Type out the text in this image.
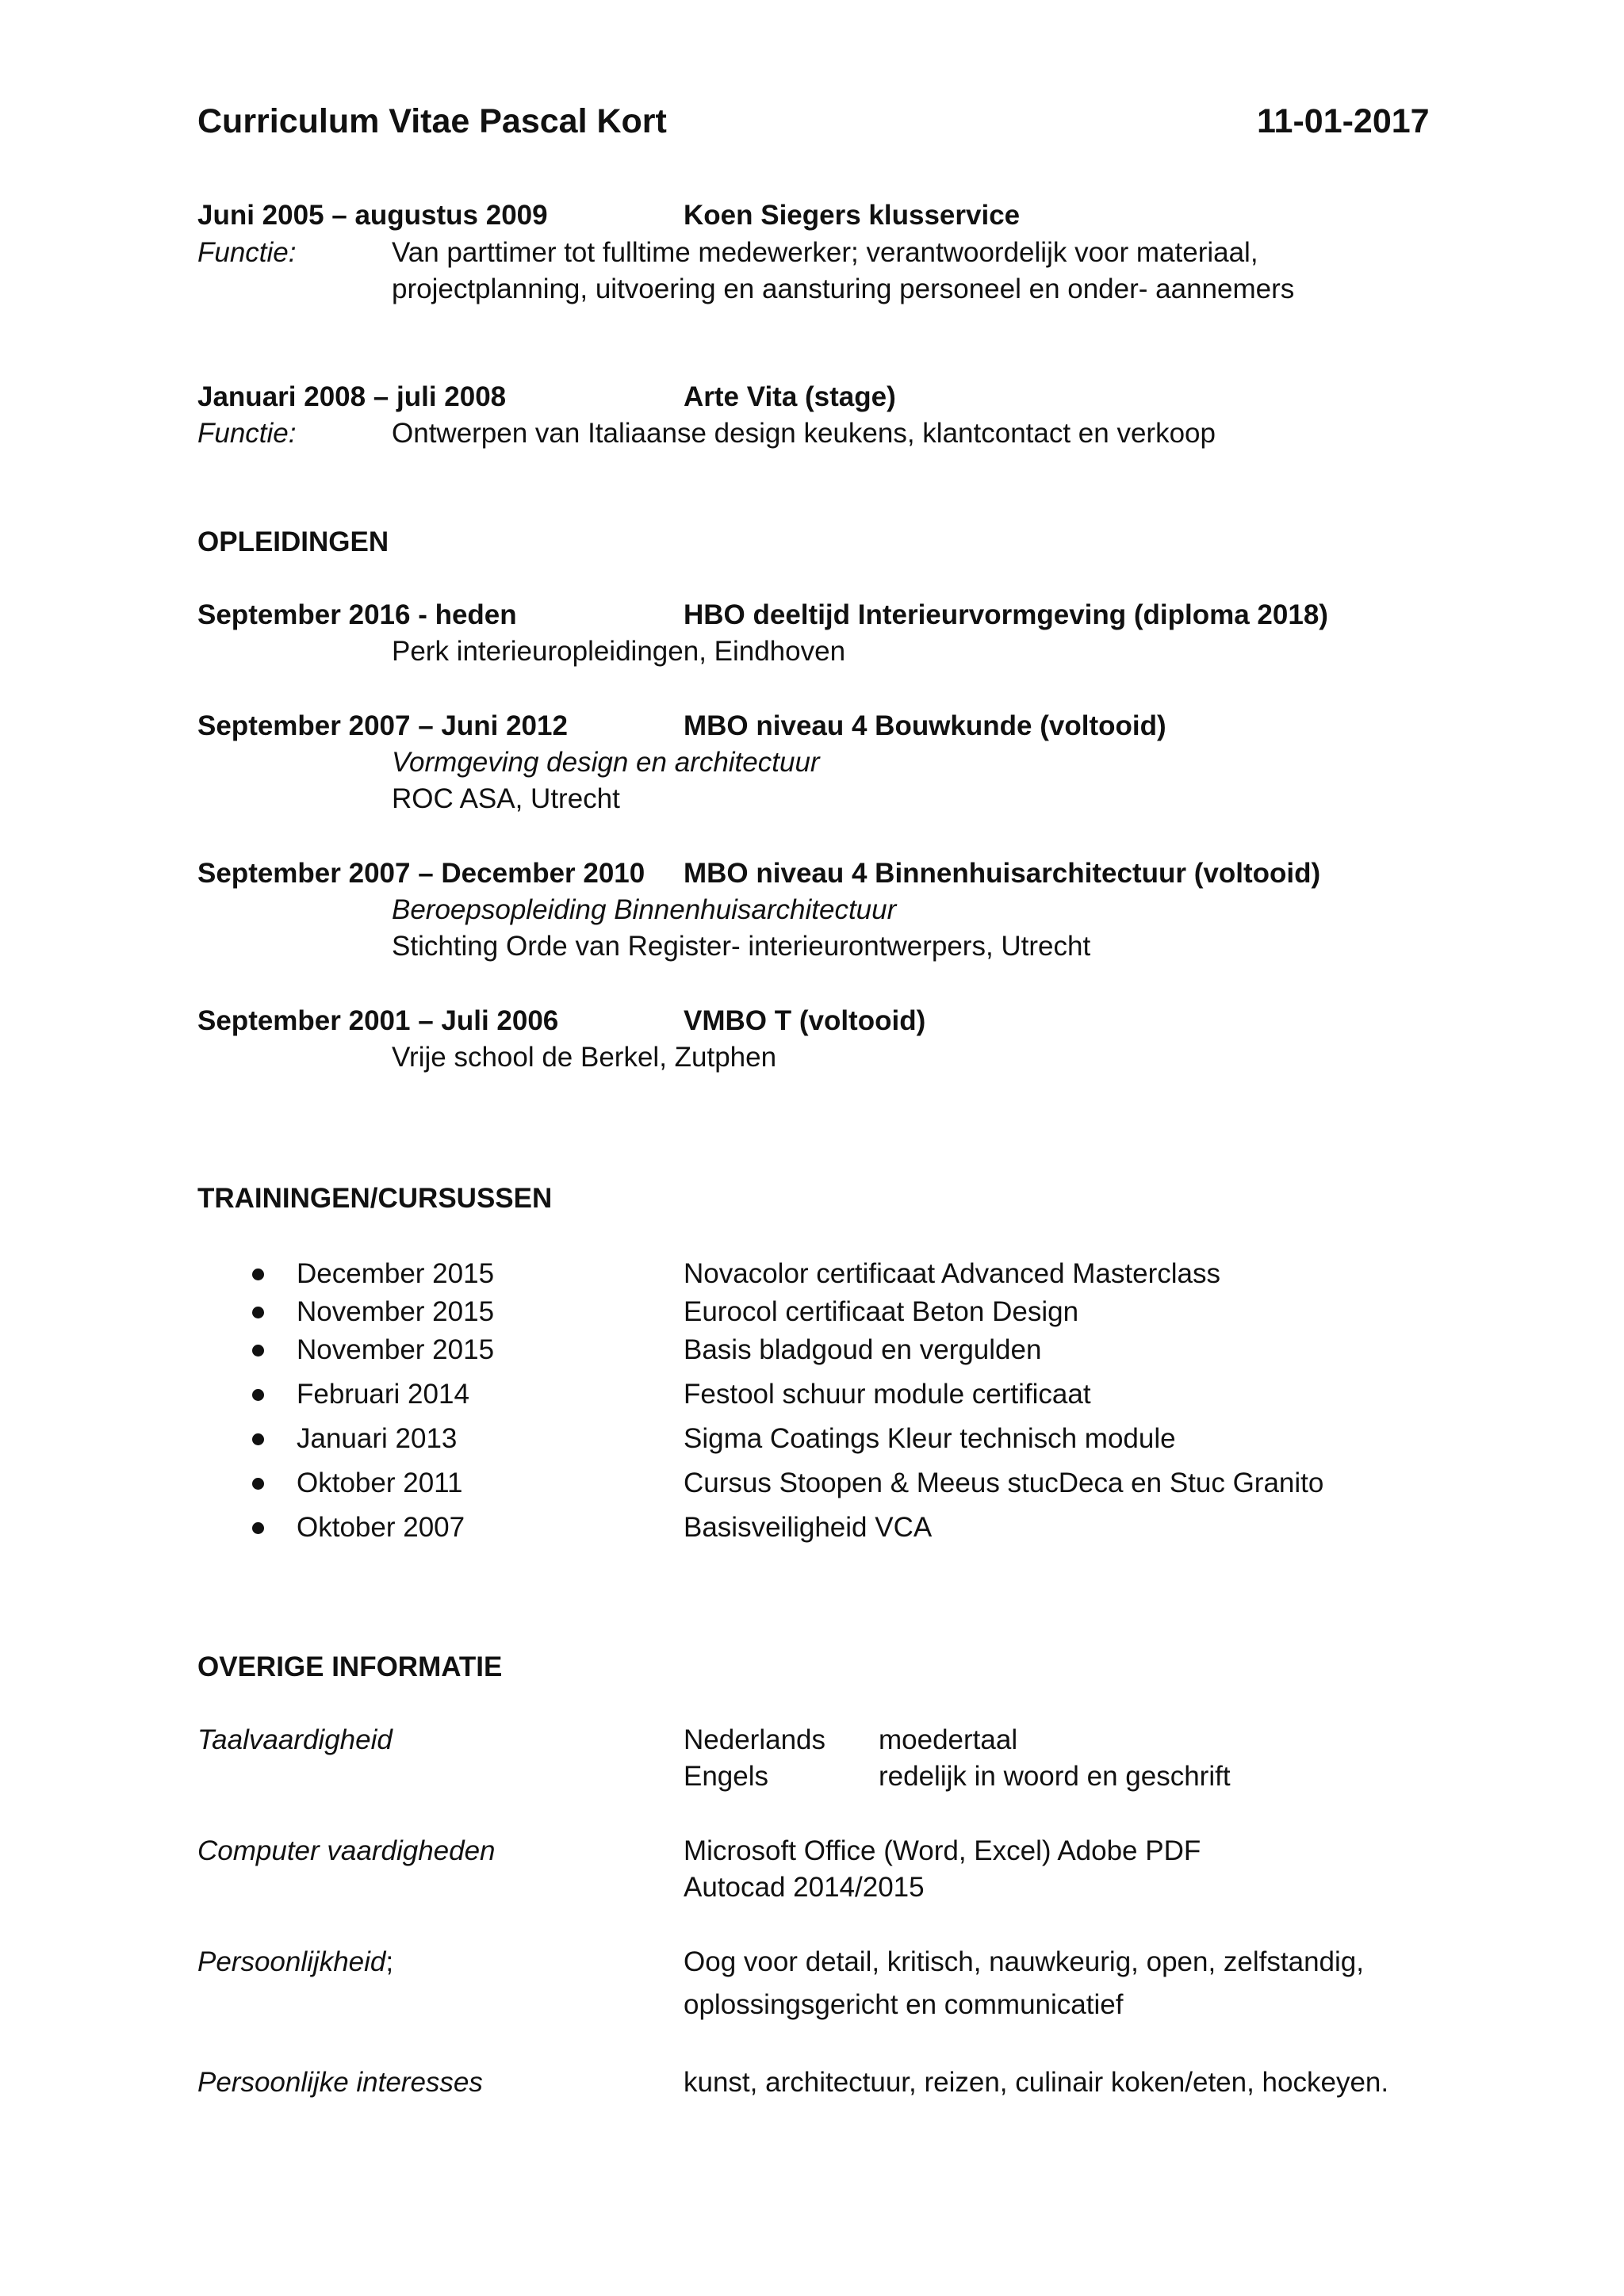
Curriculum Vitae Pascal Kort	11-01-2017
Juni 2005 – augustus 2009	Koen Siegers klusservice
Functie:	Van parttimer tot fulltime medewerker; verantwoordelijk voor materiaal,
projectplanning, uitvoering en aansturing personeel en onder- aannemers
Januari 2008 – juli 2008	Arte Vita (stage)
Functie:	Ontwerpen van Italiaanse design keukens, klantcontact en verkoop
OPLEIDINGEN
September 2016 - heden	HBO deeltijd Interieurvormgeving (diploma 2018)
Perk interieuropleidingen, Eindhoven
September 2007 – Juni 2012	MBO niveau 4 Bouwkunde (voltooid)
Vormgeving design en architectuur
ROC ASA, Utrecht
September 2007 – December 2010 MBO niveau 4 Binnenhuisarchitectuur (voltooid)
Beroepsopleiding Binnenhuisarchitectuur
Stichting Orde van Register- interieurontwerpers, Utrecht
September 2001 – Juli 2006	VMBO T (voltooid)
Vrije school de Berkel, Zutphen
TRAININGEN/CURSUSSEN
December 2015	Novacolor certificaat Advanced Masterclass
November 2015	Eurocol certificaat Beton Design
November 2015	Basis bladgoud en vergulden
Februari 2014	Festool schuur module certificaat
Januari 2013	Sigma Coatings Kleur technisch module
Oktober 2011	Cursus Stoopen & Meeus stucDeca en Stuc Granito
Oktober 2007	Basisveiligheid VCA
OVERIGE INFORMATIE
Taalvaardigheid	Nederlands moedertaal
Engels	redelijk in woord en geschrift
Computer vaardigheden	Microsoft Office (Word, Excel) Adobe PDF
Autocad 2014/2015
Persoonlijkheid;	Oog voor detail, kritisch, nauwkeurig, open, zelfstandig,
oplossingsgericht en communicatief
Persoonlijke interesses	kunst, architectuur, reizen, culinair koken/eten, hockeyen.
